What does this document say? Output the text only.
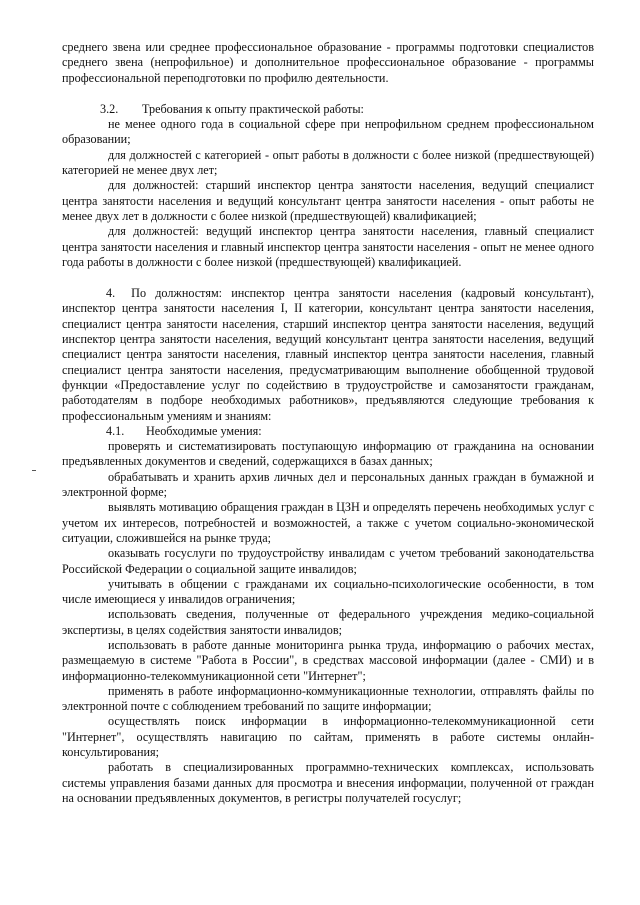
среднего звена или среднее профессиональное образование - программы подготовки специалистов среднего звена (непрофильное) и дополнительное профессиональное образование - программы профессиональной переподготовки по профилю деятельности.

3.2.	Требования к опыту практической работы:

не менее одного года в социальной сфере при непрофильном среднем профессиональном образовании;

для должностей с категорией - опыт работы в должности с более низкой (предшествующей) категорией не менее двух лет;

для должностей: старший инспектор центра занятости населения, ведущий специалист центра занятости населения и ведущий консультант центра занятости населения - опыт работы не менее двух лет в должности с более низкой (предшествующей) квалификацией;

для должностей: ведущий инспектор центра занятости населения, главный специалист центра занятости населения и главный инспектор центра занятости населения - опыт не менее одного года работы в должности с более низкой (предшествующей) квалификацией.

4. По должностям: инспектор центра занятости населения (кадровый консультант), инспектор центра занятости населения I, II категории, консультант центра занятости населения, специалист центра занятости населения, старший инспектор центра занятости населения, ведущий инспектор центра занятости населения, ведущий консультант центра занятости населения, ведущий специалист центра занятости населения, главный инспектор центра занятости населения, главный специалист центра занятости населения, предусматривающим выполнение обобщенной трудовой функции «Предоставление услуг по содействию в трудоустройстве и самозанятости гражданам, работодателям в подборе необходимых работников», предъявляются следующие требования к профессиональным умениям и знаниям:

4.1.	Необходимые умения:

проверять и систематизировать поступающую информацию от гражданина на основании предъявленных документов и сведений, содержащихся в базах данных;

обрабатывать и хранить архив личных дел и персональных данных граждан в бумажной и электронной форме;

выявлять мотивацию обращения граждан в ЦЗН и определять перечень необходимых услуг с учетом их интересов, потребностей и возможностей, а также с учетом социально-экономической ситуации, сложившейся на рынке труда;

оказывать госуслуги по трудоустройству инвалидам с учетом требований законодательства Российской Федерации о социальной защите инвалидов;

учитывать в общении с гражданами их социально-психологические особенности, в том числе имеющиеся у инвалидов ограничения;

использовать сведения, полученные от федерального учреждения медико-социальной экспертизы, в целях содействия занятости инвалидов;

использовать в работе данные мониторинга рынка труда, информацию о рабочих местах, размещаемую в системе "Работа в России", в средствах массовой информации (далее - СМИ) и в информационно-телекоммуникационной сети "Интернет";

применять в работе информационно-коммуникационные технологии, отправлять файлы по электронной почте с соблюдением требований по защите информации;

осуществлять поиск информации в информационно-телекоммуникационной сети "Интернет", осуществлять навигацию по сайтам, применять в работе системы онлайн-консультирования;

работать в специализированных программно-технических комплексах, использовать системы управления базами данных для просмотра и внесения информации, полученной от граждан на основании предъявленных документов, в регистры получателей госуслуг;
